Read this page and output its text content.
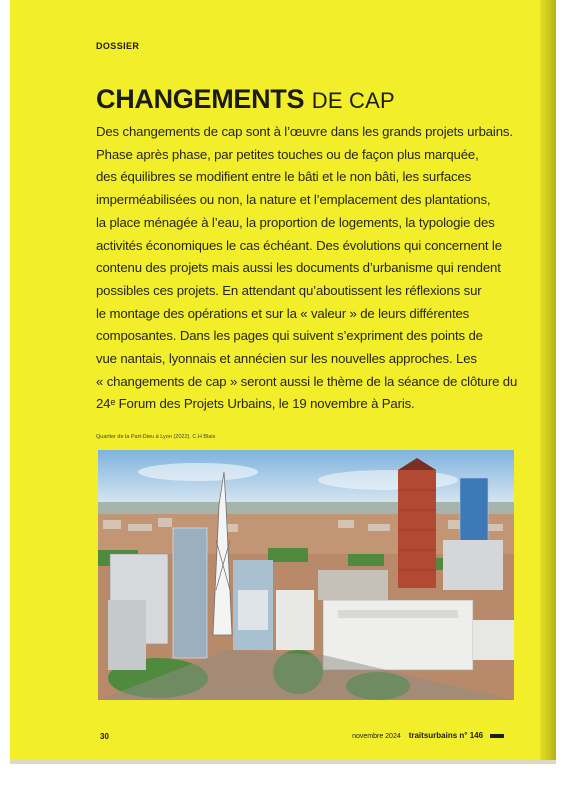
DOSSIER
CHANGEMENTS DE CAP
Des changements de cap sont à l’œuvre dans les grands projets urbains.
Phase après phase, par petites touches ou de façon plus marquée,
des équilibres se modifient entre le bâti et le non bâti, les surfaces
imperméabilisées ou non, la nature et l’emplacement des plantations,
la place ménagée à l’eau, la proportion de logements, la typologie des
activités économiques le cas échéant. Des évolutions qui concernent le
contenu des projets mais aussi les documents d’urbanisme qui rendent
possibles ces projets. En attendant qu’aboutissent les réflexions sur
le montage des opérations et sur la « valeur » de leurs différentes
composantes. Dans les pages qui suivent s’expriment des points de
vue nantais, lyonnais et annécien sur les nouvelles approches. Les
« changements de cap » seront aussi le thème de la séance de clôture du
24ᵉ Forum des Projets Urbains, le 19 novembre à Paris.
Quartier de la Part-Dieu à Lyon (2022). C.H Blais
30	novembre 2024 traitsurbains n° 146
